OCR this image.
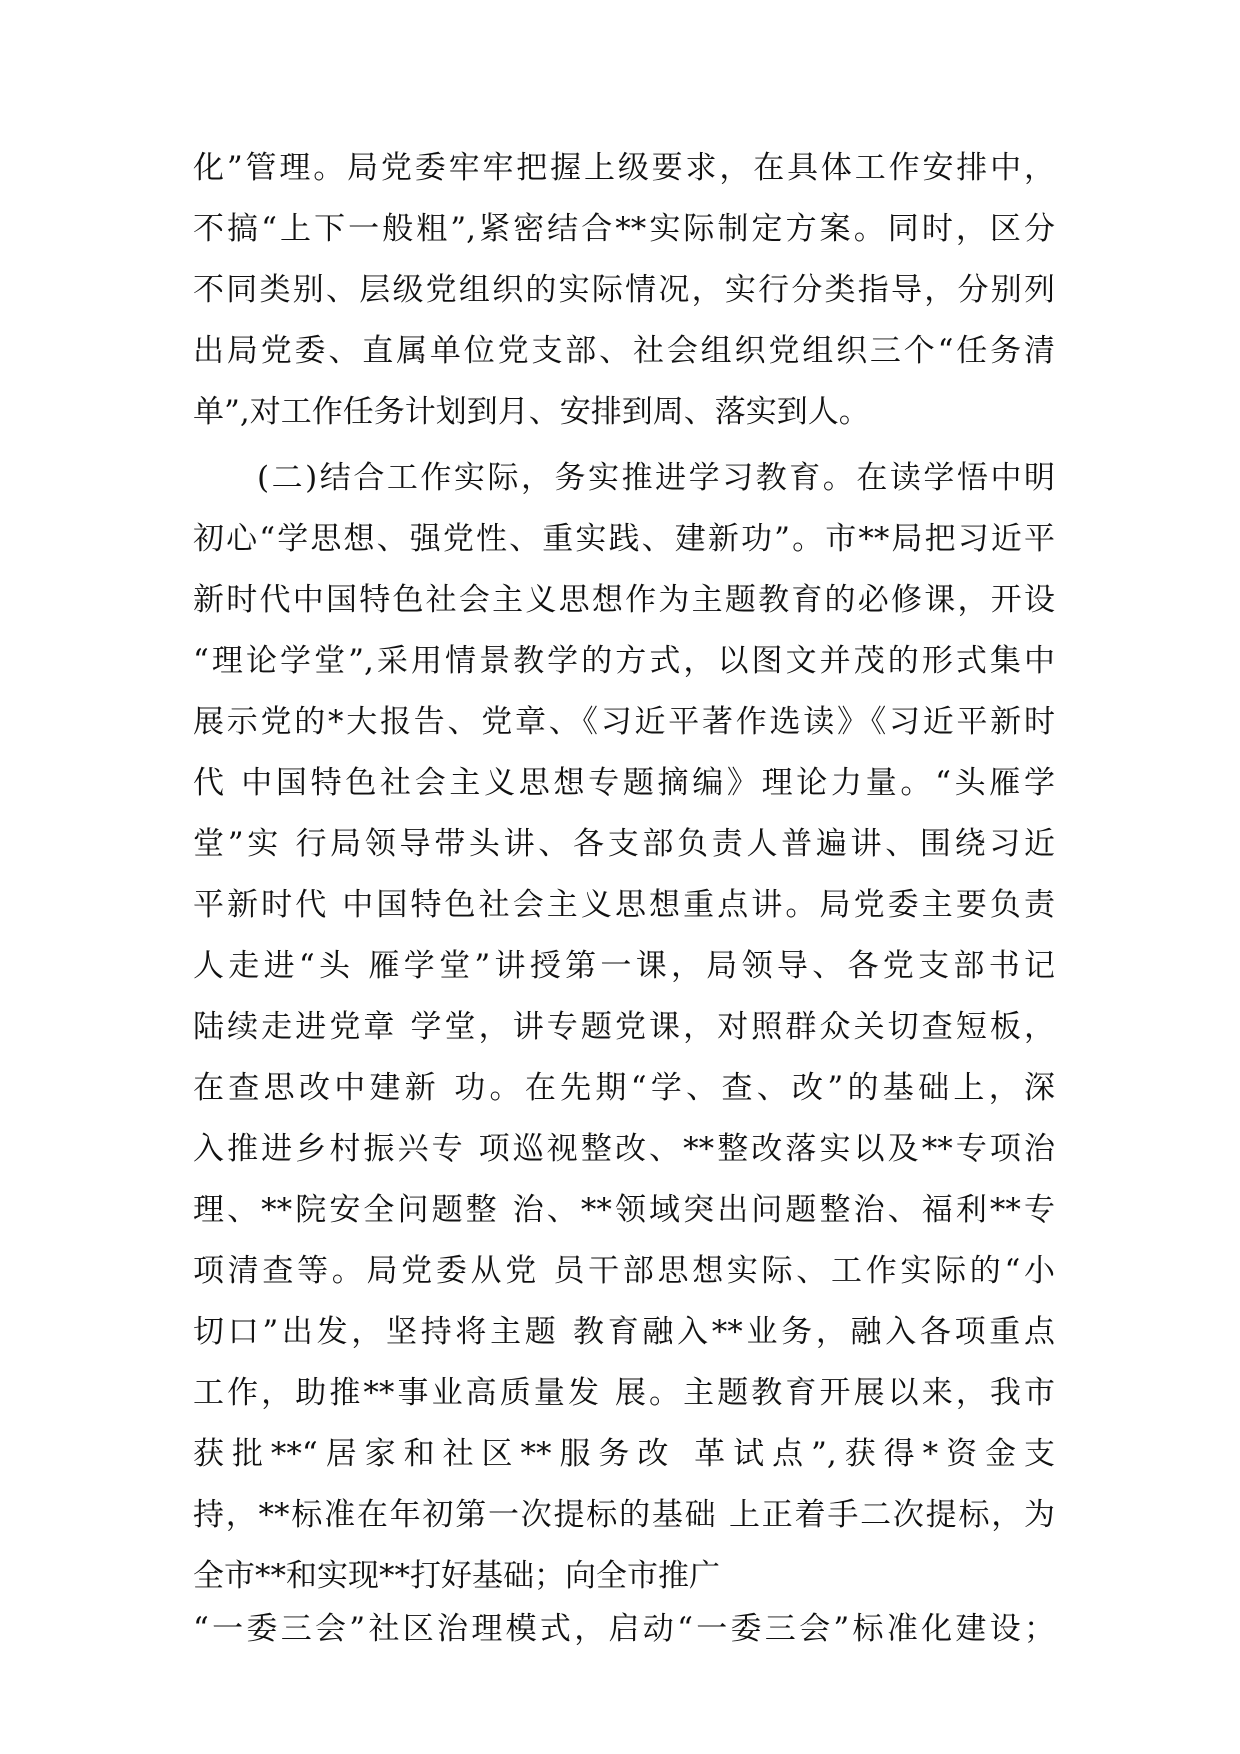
化”管理。局党委牢牢把握上级要求，在具体工作安排中，
不搞“上下一般粗”,紧密结合**实际制定方案。同时，区分
不同类别、层级党组织的实际情况，实行分类指导，分别列
出局党委、直属单位党支部、社会组织党组织三个“任务清
单”,对工作任务计划到月、安排到周、落实到人。
(二)结合工作实际，务实推进学习教育。在读学悟中明
初心“学思想、强党性、重实践、建新功”。市**局把习近平
新时代中国特色社会主义思想作为主题教育的必修课，开设
“理论学堂”,采用情景教学的方式，以图文并茂的形式集中
展示党的*大报告、党章、《习近平著作选读》《习近平新时
代 中国特色社会主义思想专题摘编》理论力量。“头雁学
堂”实 行局领导带头讲、各支部负责人普遍讲、围绕习近
平新时代 中国特色社会主义思想重点讲。局党委主要负责
人走进“头 雁学堂”讲授第一课，局领导、各党支部书记
陆续走进党章 学堂，讲专题党课，对照群众关切查短板，
在查思改中建新 功。在先期“学、查、改”的基础上，深
入推进乡村振兴专 项巡视整改、**整改落实以及**专项治
理、**院安全问题整 治、**领域突出问题整治、福利**专
项清查等。局党委从党 员干部思想实际、工作实际的“小
切口”出发，坚持将主题 教育融入**业务，融入各项重点
工作，助推**事业高质量发 展。主题教育开展以来，我市
获批**“居家和社区**服务改 革试点”,获得*资金支
持，**标准在年初第一次提标的基础 上正着手二次提标，为
全市**和实现**打好基础；向全市推广
“一委三会”社区治理模式，启动“一委三会”标准化建设；
